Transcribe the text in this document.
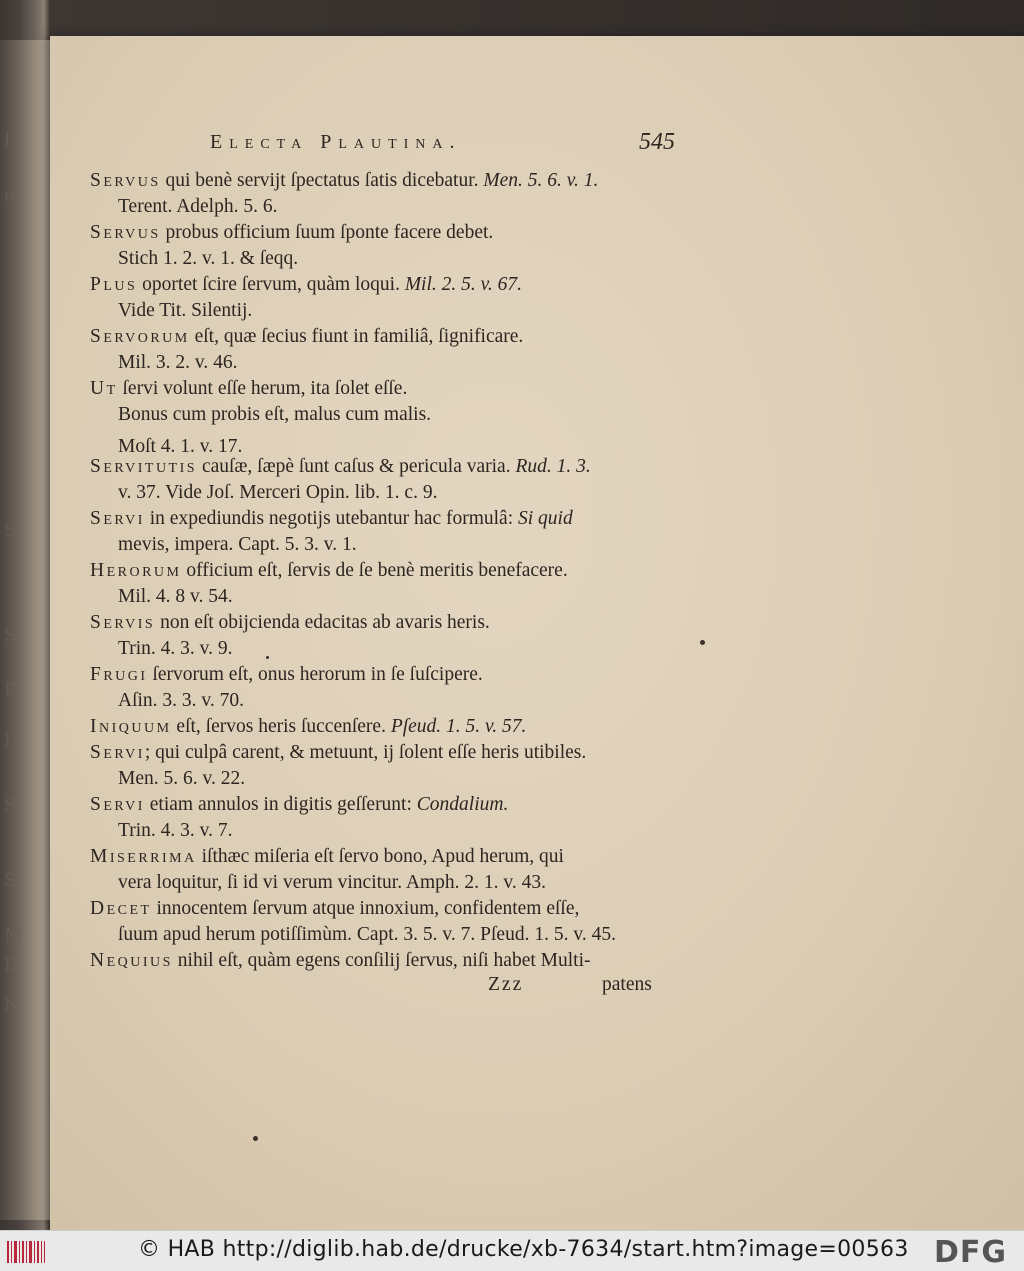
ſ
e
S
S
F
I
S
S
M
D
N
Electa Plautina.	545
Servus qui benè servijt ſpectatus ſatis dicebatur. Men. 5. 6. v. 1.
Terent. Adelph. 5. 6.
Servus probus officium ſuum ſponte facere debet.
Stich 1. 2. v. 1. & ſeqq.
Plus oportet ſcire ſervum, quàm loqui. Mil. 2. 5. v. 67.
Vide Tit. Silentij.
Servorum eſt, quæ ſecius fiunt in familiâ, ſignificare.
Mil. 3. 2. v. 46.
Ut ſervi volunt eſſe herum, ita ſolet eſſe.
Bonus cum probis eſt, malus cum malis.
Moſt 4. 1. v. 17.
Servitutis cauſæ, ſæpè ſunt caſus & pericula varia. Rud. 1. 3.
v. 37. Vide Joſ. Merceri Opin. lib. 1. c. 9.
Servi in expediundis negotijs utebantur hac formulâ: Si quid
mevis, impera. Capt. 5. 3. v. 1.
Herorum officium eſt, ſervis de ſe benè meritis benefacere.
Mil. 4. 8 v. 54.
Servis non eſt obijcienda edacitas ab avaris heris.
Trin. 4. 3. v. 9.
Frugi ſervorum eſt, onus herorum in ſe ſuſcipere.
Aſin. 3. 3. v. 70.
Iniquum eſt, ſervos heris ſuccenſere. Pſeud. 1. 5. v. 57.
Servi; qui culpâ carent, & metuunt, ij ſolent eſſe heris utibiles.
Men. 5. 6. v. 22.
Servi etiam annulos in digitis geſſerunt: Condalium.
Trin. 4. 3. v. 7.
Miserrima iſthæc miſeria eſt ſervo bono, Apud herum, qui
vera loquitur, ſi id vi verum vincitur. Amph. 2. 1. v. 43.
Decet innocentem ſervum atque innoxium, confidentem eſſe,
ſuum apud herum potiſſimùm. Capt. 3. 5. v. 7. Pſeud. 1. 5. v. 45.
Nequius nihil eſt, quàm egens conſilij ſervus, niſi habet Multi-
Zzz	patens
© HAB http://diglib.hab.de/drucke/xb-7634/start.htm?image=00563 DFG
